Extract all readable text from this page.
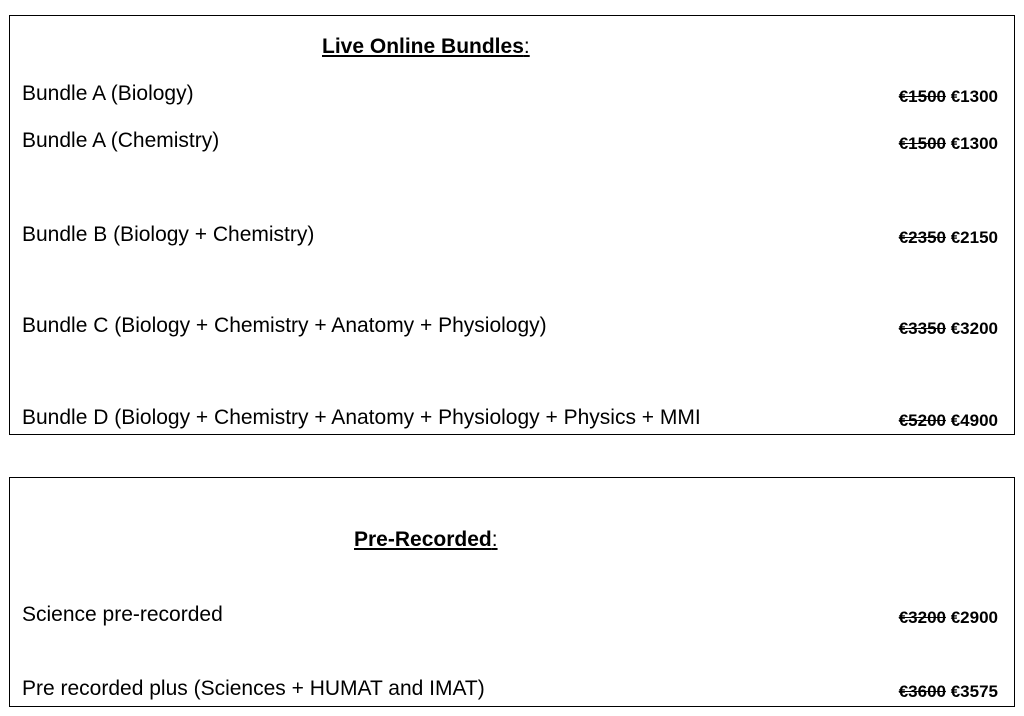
Live Online Bundles:
Bundle A (Biology)	€1500 €1300
Bundle A (Chemistry)	€1500 €1300
Bundle B (Biology + Chemistry)	€2350 €2150
Bundle C (Biology + Chemistry + Anatomy + Physiology)	€3350 €3200
Bundle D (Biology + Chemistry + Anatomy + Physiology + Physics + MMI	€5200 €4900
Pre-Recorded:
Science pre-recorded	€3200 €2900
Pre recorded plus (Sciences + HUMAT and IMAT)	€3600 €3575
